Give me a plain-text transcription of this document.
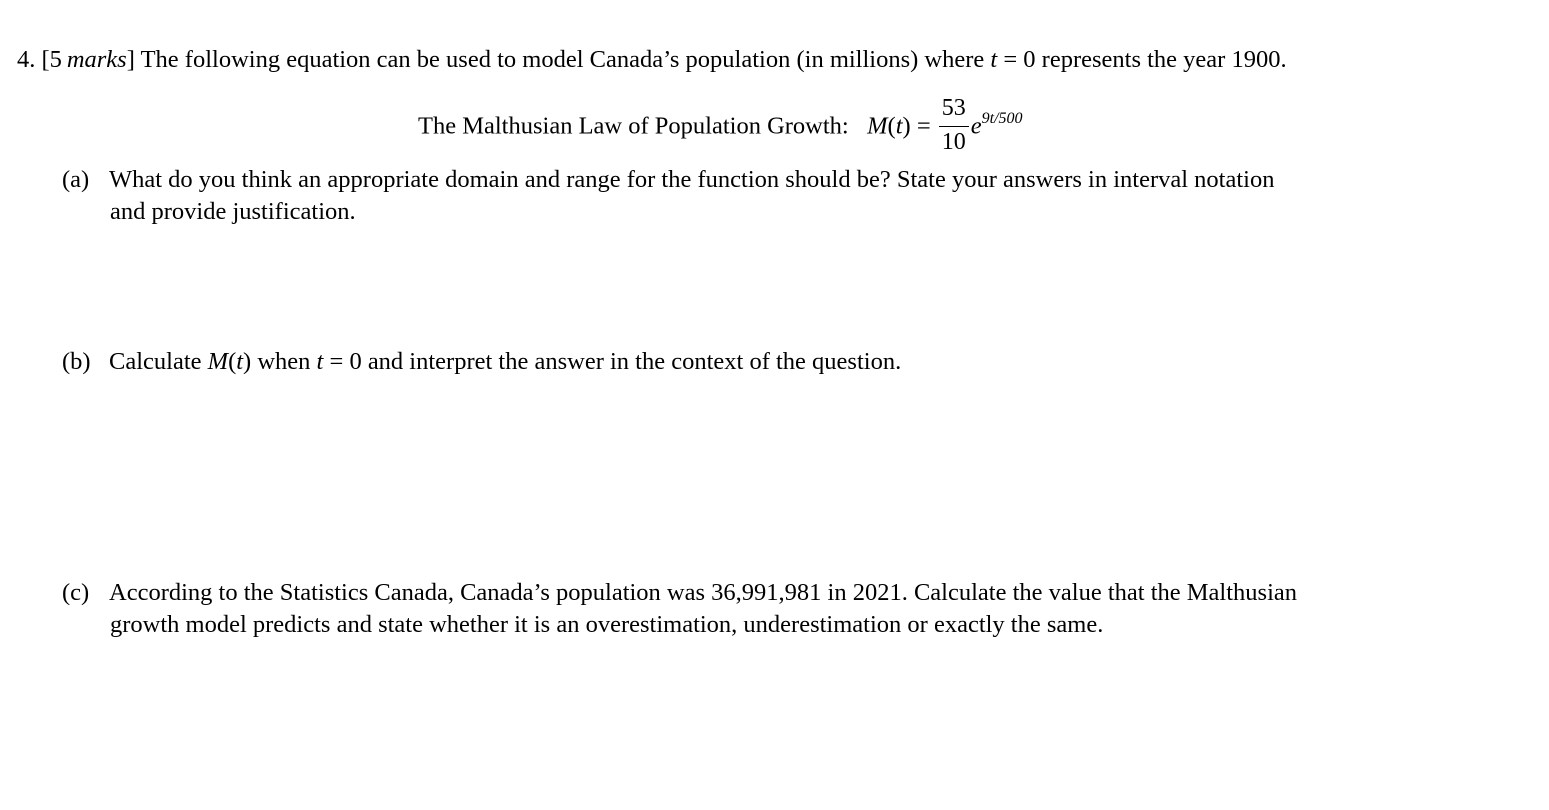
4. [5  marks] The following equation can be used to model Canada’s population (in millions) where t = 0 represents the year 1900.
The Malthusian Law of Population Growth: $M(t) = \frac{53}{10} e^{9t/500}$
(a) What do you think an appropriate domain and range for the function should be? State your answers in interval notation
and provide justification.
(b) Calculate M(t) when t = 0 and interpret the answer in the context of the question.
(c) According to the Statistics Canada, Canada’s population was 36,991,981 in 2021. Calculate the value that the Malthusian
growth model predicts and state whether it is an overestimation, underestimation or exactly the same.
